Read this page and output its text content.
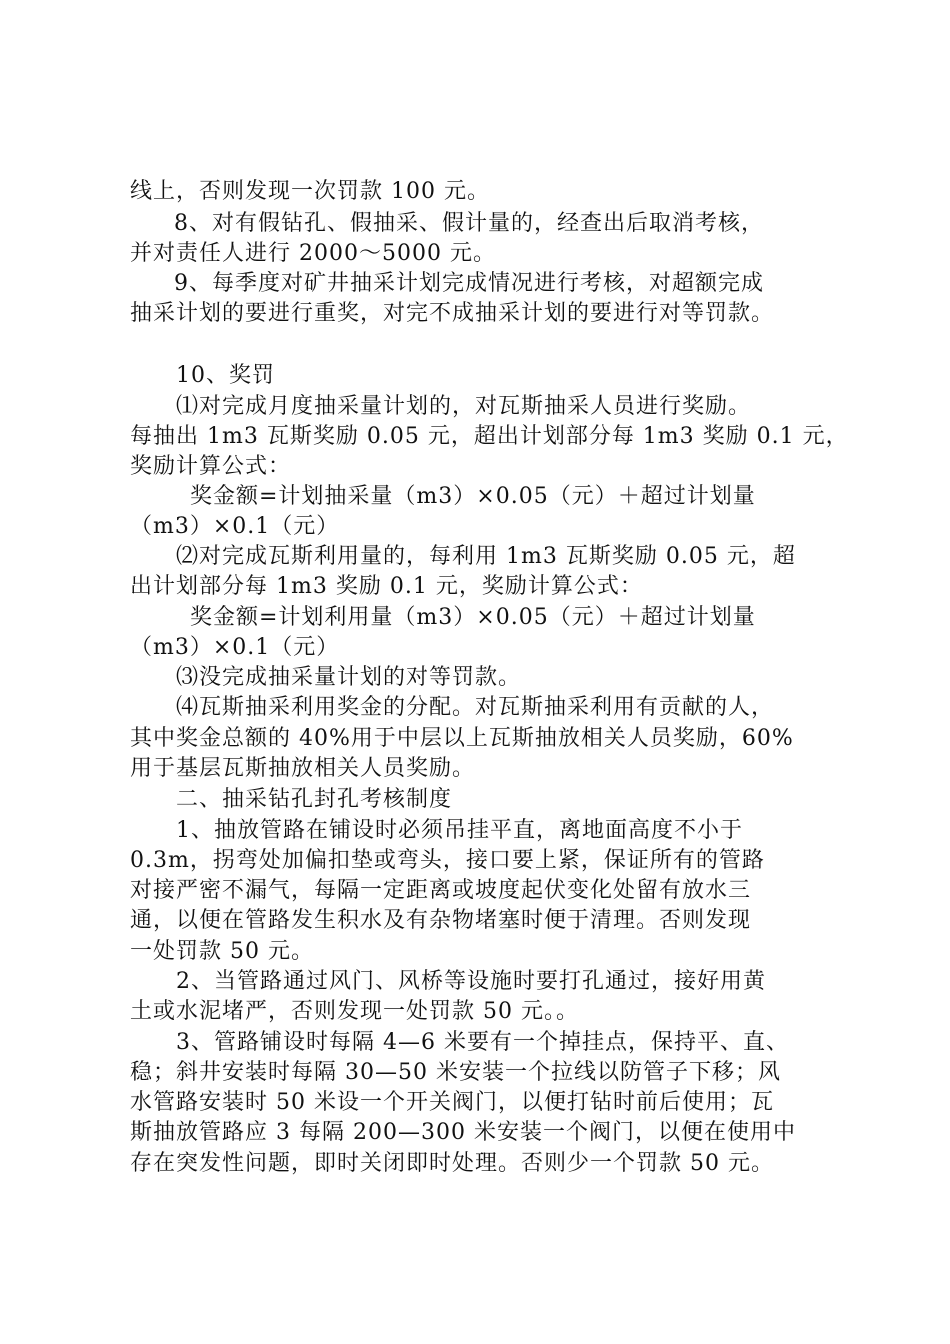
线上，否则发现一次罚款 100 元。
8、对有假钻孔、假抽采、假计量的，经查出后取消考核，
并对责任人进行 2000～5000 元。
9、每季度对矿井抽采计划完成情况进行考核，对超额完成
抽采计划的要进行重奖，对完不成抽采计划的要进行对等罚款。
10、奖罚
⑴对完成月度抽采量计划的，对瓦斯抽采人员进行奖励。
每抽出 1m3 瓦斯奖励 0.05 元，超出计划部分每 1m3 奖励 0.1 元，
奖励计算公式：
奖金额=计划抽采量（m3）×0.05（元）＋超过计划量
（m3）×0.1（元）
⑵对完成瓦斯利用量的，每利用 1m3 瓦斯奖励 0.05 元，超
出计划部分每 1m3 奖励 0.1 元，奖励计算公式：
奖金额=计划利用量（m3）×0.05（元）＋超过计划量
（m3）×0.1（元）
⑶没完成抽采量计划的对等罚款。
⑷瓦斯抽采利用奖金的分配。对瓦斯抽采利用有贡献的人，
其中奖金总额的 40%用于中层以上瓦斯抽放相关人员奖励，60%
用于基层瓦斯抽放相关人员奖励。
二、抽采钻孔封孔考核制度
1、抽放管路在铺设时必须吊挂平直，离地面高度不小于
0.3m，拐弯处加偏扣垫或弯头，接口要上紧，保证所有的管路
对接严密不漏气，每隔一定距离或坡度起伏变化处留有放水三
通，以便在管路发生积水及有杂物堵塞时便于清理。否则发现
一处罚款 50 元。
2、当管路通过风门、风桥等设施时要打孔通过，接好用黄
土或水泥堵严，否则发现一处罚款 50 元。。
3、管路铺设时每隔 4—6 米要有一个掉挂点，保持平、直、
稳；斜井安装时每隔 30—50 米安装一个拉线以防管子下移；风
水管路安装时 50 米设一个开关阀门，以便打钻时前后使用；瓦
斯抽放管路应 3 每隔 200—300 米安装一个阀门，以便在使用中
存在突发性问题，即时关闭即时处理。否则少一个罚款 50 元。
